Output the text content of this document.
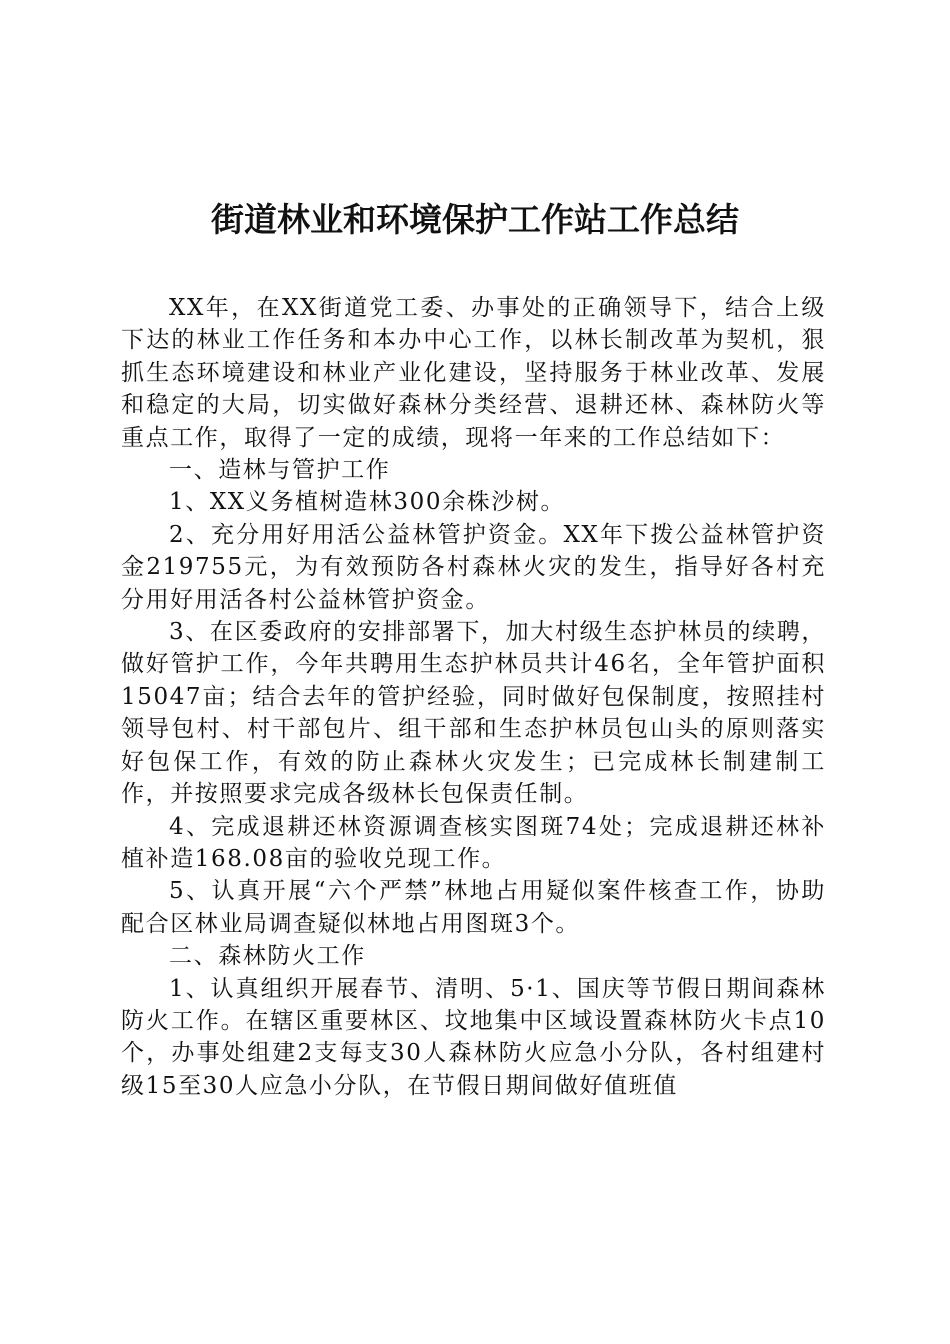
街道林业和环境保护工作站工作总结

XX年，在XX街道党工委、办事处的正确领导下，结合上级下达的林业工作任务和本办中心工作，以林长制改革为契机，狠抓生态环境建设和林业产业化建设，坚持服务于林业改革、发展和稳定的大局，切实做好森林分类经营、退耕还林、森林防火等重点工作，取得了一定的成绩，现将一年来的工作总结如下：

一、造林与管护工作

1、XX义务植树造林300余株沙树。

2、充分用好用活公益林管护资金。XX年下拨公益林管护资金219755元，为有效预防各村森林火灾的发生，指导好各村充分用好用活各村公益林管护资金。

3、在区委政府的安排部署下，加大村级生态护林员的续聘，做好管护工作，今年共聘用生态护林员共计46名，全年管护面积15047亩；结合去年的管护经验，同时做好包保制度，按照挂村领导包村、村干部包片、组干部和生态护林员包山头的原则落实好包保工作，有效的防止森林火灾发生；已完成林长制建制工作，并按照要求完成各级林长包保责任制。

4、完成退耕还林资源调查核实图斑74处；完成退耕还林补植补造168.08亩的验收兑现工作。

5、认真开展“六个严禁”林地占用疑似案件核查工作，协助配合区林业局调查疑似林地占用图斑3个。

二、森林防火工作

1、认真组织开展春节、清明、5·1、国庆等节假日期间森林防火工作。在辖区重要林区、坟地集中区域设置森林防火卡点10个，办事处组建2支每支30人森林防火应急小分队，各村组建村级15至30人应急小分队，在节假日期间做好值班值
